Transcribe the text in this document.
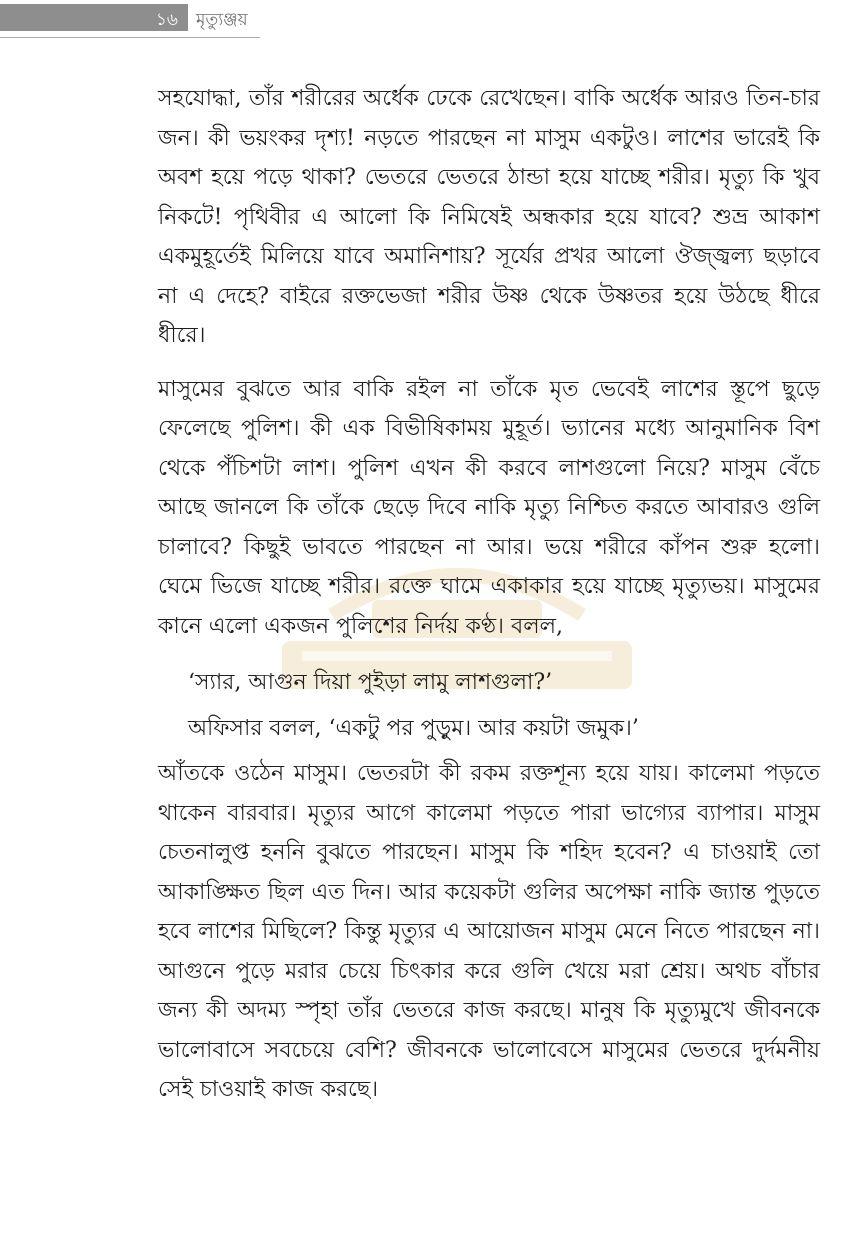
১৬ মৃত্যুঞ্জয়

সহযোদ্ধা, তাঁর শরীরের অর্ধেক ঢেকে রেখেছেন। বাকি অর্ধেক আরও তিন-চার জন। কী ভয়ংকর দৃশ্য! নড়তে পারছেন না মাসুম একটুও। লাশের ভারেই কি অবশ হয়ে পড়ে থাকা? ভেতরে ভেতরে ঠান্ডা হয়ে যাচ্ছে শরীর। মৃত্যু কি খুব নিকটে! পৃথিবীর এ আলো কি নিমিষেই অন্ধকার হয়ে যাবে? শুভ্র আকাশ একমুহূর্তেই মিলিয়ে যাবে অমানিশায়? সূর্যের প্রখর আলো ঔজ্জ্বল্য ছড়াবে না এ দেহে? বাইরে রক্তভেজা শরীর উষ্ণ থেকে উষ্ণতর হয়ে উঠছে ধীরে ধীরে।

মাসুমের বুঝতে আর বাকি রইল না তাঁকে মৃত ভেবেই লাশের স্তূপে ছুড়ে ফেলেছে পুলিশ। কী এক বিভীষিকাময় মুহূর্ত। ভ্যানের মধ্যে আনুমানিক বিশ থেকে পঁচিশটা লাশ। পুলিশ এখন কী করবে লাশগুলো নিয়ে? মাসুম বেঁচে আছে জানলে কি তাঁকে ছেড়ে দিবে নাকি মৃত্যু নিশ্চিত করতে আবারও গুলি চালাবে? কিছুই ভাবতে পারছেন না আর। ভয়ে শরীরে কাঁপন শুরু হলো। ঘেমে ভিজে যাচ্ছে শরীর। রক্তে ঘামে একাকার হয়ে যাচ্ছে মৃত্যুভয়। মাসুমের কানে এলো একজন পুলিশের নির্দয় কণ্ঠ। বলল,

‘স্যার, আগুন দিয়া পুইড়া লামু লাশগুলা?’

অফিসার বলল, ‘একটু পর পুড়ুম। আর কয়টা জমুক।’

আঁতকে ওঠেন মাসুম। ভেতরটা কী রকম রক্তশূন্য হয়ে যায়। কালেমা পড়তে থাকেন বারবার। মৃত্যুর আগে কালেমা পড়তে পারা ভাগ্যের ব্যাপার। মাসুম চেতনালুপ্ত হননি বুঝতে পারছেন। মাসুম কি শহিদ হবেন? এ চাওয়াই তো আকাঙ্ক্ষিত ছিল এত দিন। আর কয়েকটা গুলির অপেক্ষা নাকি জ্যান্ত পুড়তে হবে লাশের মিছিলে? কিন্তু মৃত্যুর এ আয়োজন মাসুম মেনে নিতে পারছেন না। আগুনে পুড়ে মরার চেয়ে চিৎকার করে গুলি খেয়ে মরা শ্রেয়। অথচ বাঁচার জন্য কী অদম্য স্পৃহা তাঁর ভেতরে কাজ করছে। মানুষ কি মৃত্যুমুখে জীবনকে ভালোবাসে সবচেয়ে বেশি? জীবনকে ভালোবেসে মাসুমের ভেতরে দুর্দমনীয় সেই চাওয়াই কাজ করছে।
